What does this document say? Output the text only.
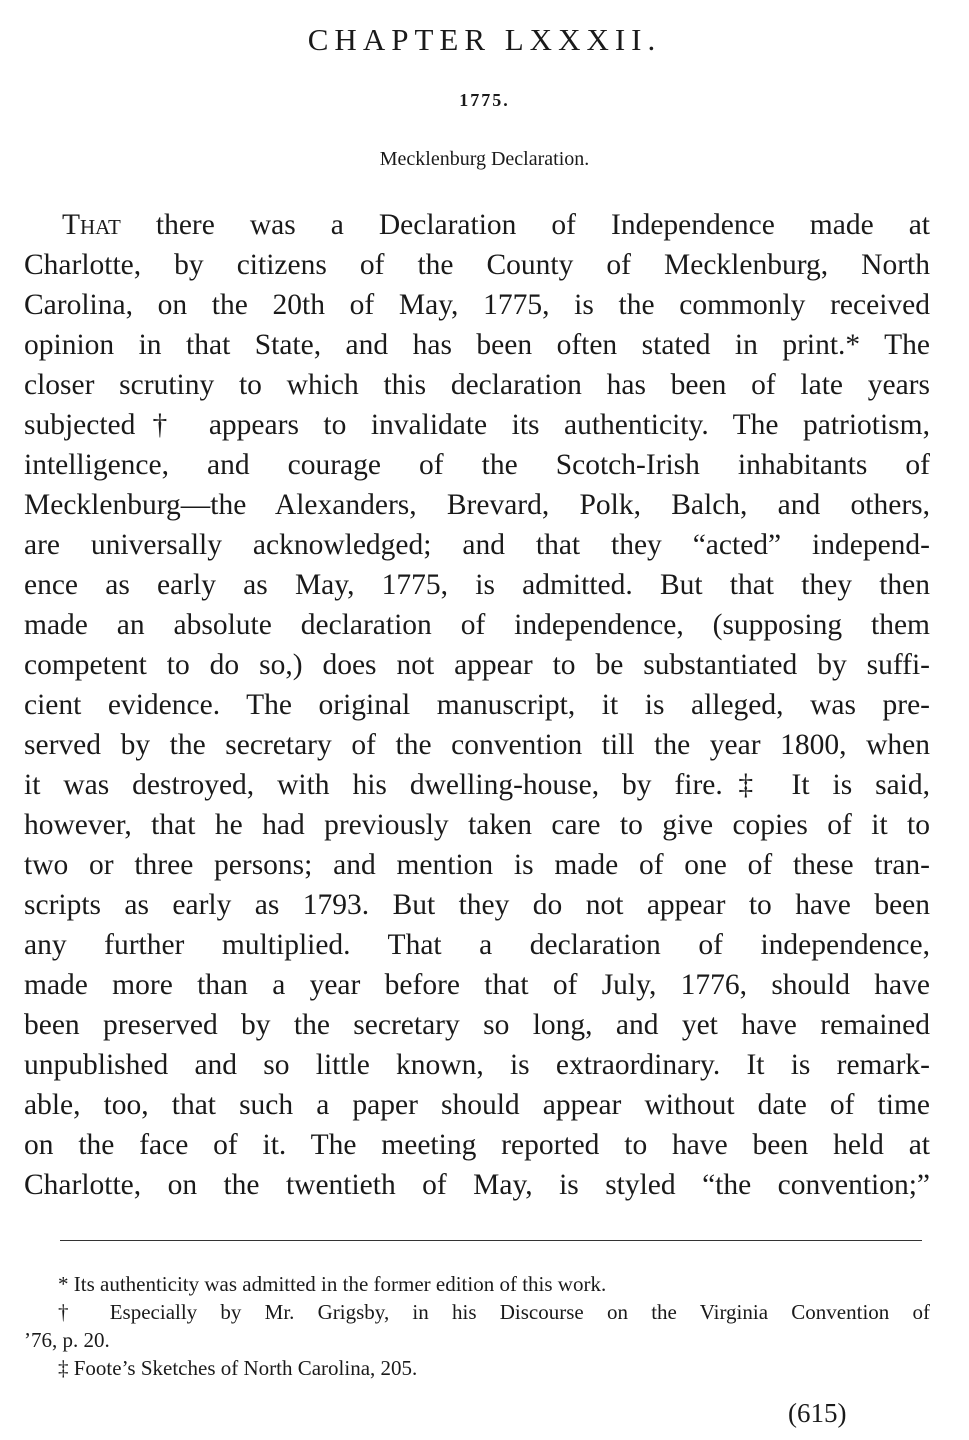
CHAPTER LXXXII.
1775.
Mecklenburg Declaration.
That there was a Declaration of Independence made at
Charlotte, by citizens of the County of Mecklenburg, North
Carolina, on the 20th of May, 1775, is the commonly received
opinion in that State, and has been often stated in print.* The
closer scrutiny to which this declaration has been of late years
subjected† appears to invalidate its authenticity. The patriotism,
intelligence, and courage of the Scotch-Irish inhabitants of
Mecklenburg—the Alexanders, Brevard, Polk, Balch, and others,
are universally acknowledged; and that they “acted” independ-
ence as early as May, 1775, is admitted. But that they then
made an absolute declaration of independence, (supposing them
competent to do so,) does not appear to be substantiated by suffi-
cient evidence. The original manuscript, it is alleged, was pre-
served by the secretary of the convention till the year 1800, when
it was destroyed, with his dwelling-house, by fire.‡ It is said,
however, that he had previously taken care to give copies of it to
two or three persons; and mention is made of one of these tran-
scripts as early as 1793. But they do not appear to have been
any further multiplied. That a declaration of independence,
made more than a year before that of July, 1776, should have
been preserved by the secretary so long, and yet have remained
unpublished and so little known, is extraordinary. It is remark-
able, too, that such a paper should appear without date of time
on the face of it. The meeting reported to have been held at
Charlotte, on the twentieth of May, is styled “the convention;”
* Its authenticity was admitted in the former edition of this work.
† Especially by Mr. Grigsby, in his Discourse on the Virginia Convention of
’76, p. 20.
‡ Foote’s Sketches of North Carolina, 205.
(615)
